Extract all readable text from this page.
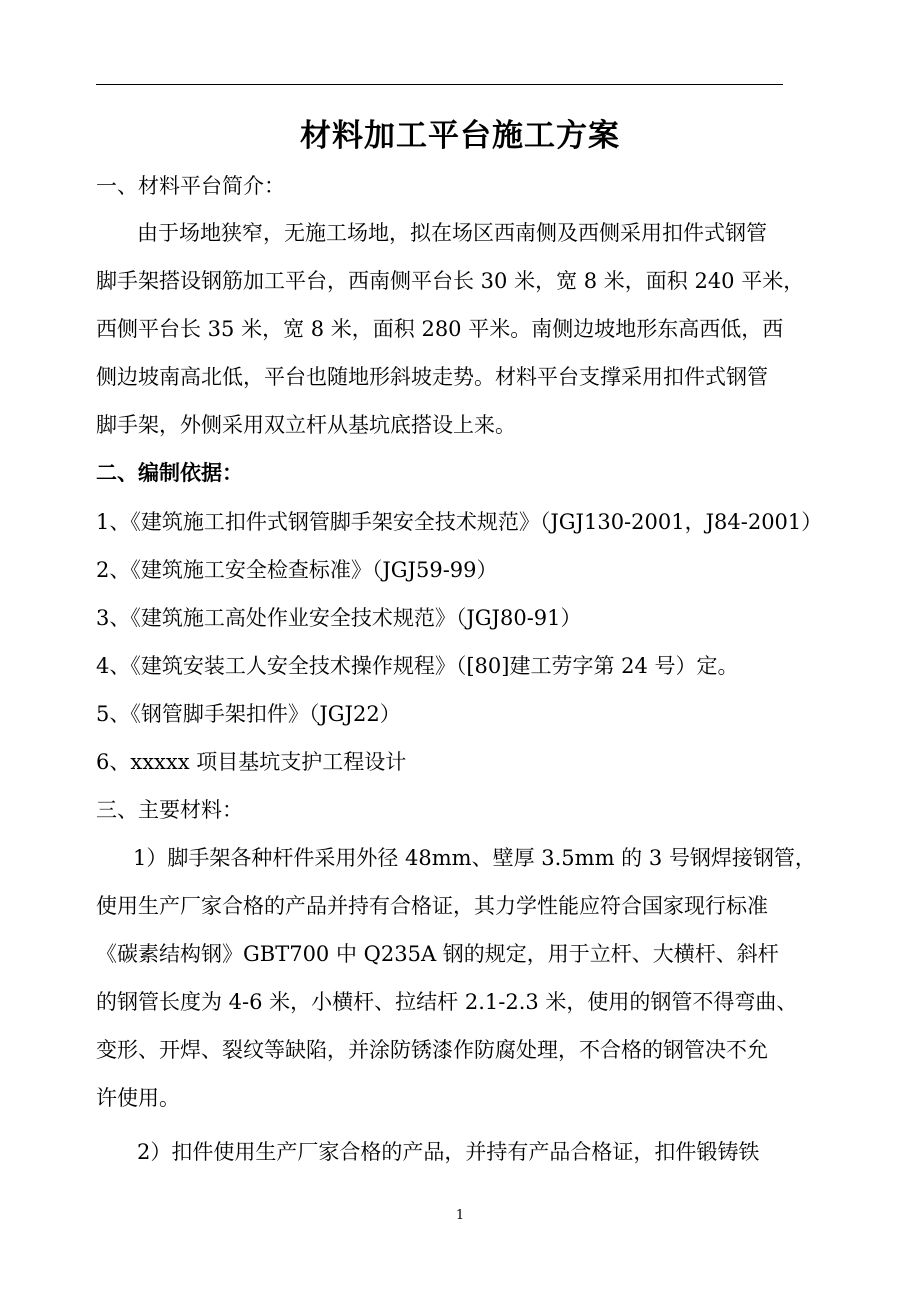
材料加工平台施工方案
一、材料平台简介：
由于场地狭窄，无施工场地，拟在场区西南侧及西侧采用扣件式钢管
脚手架搭设钢筋加工平台，西南侧平台长 30 米，宽 8 米，面积 240 平米，
西侧平台长 35 米，宽 8 米，面积 280 平米。南侧边坡地形东高西低，西
侧边坡南高北低，平台也随地形斜坡走势。材料平台支撑采用扣件式钢管
脚手架，外侧采用双立杆从基坑底搭设上来。
二、编制依据：
1、《建筑施工扣件式钢管脚手架安全技术规范》（JGJ130-2001，J84-2001）
2、《建筑施工安全检查标准》（JGJ59-99）
3、《建筑施工高处作业安全技术规范》（JGJ80-91）
4、《建筑安装工人安全技术操作规程》（[80]建工劳字第 24 号）定。
5、《钢管脚手架扣件》（JGJ22）
6、xxxxx 项目基坑支护工程设计
三、主要材料：
1）脚手架各种杆件采用外径 48mm、壁厚 3.5mm 的 3 号钢焊接钢管，
使用生产厂家合格的产品并持有合格证，其力学性能应符合国家现行标准
《碳素结构钢》GBT700 中 Q235A 钢的规定，用于立杆、大横杆、斜杆
的钢管长度为 4-6 米，小横杆、拉结杆 2.1-2.3 米，使用的钢管不得弯曲、
变形、开焊、裂纹等缺陷，并涂防锈漆作防腐处理，不合格的钢管决不允
许使用。
2）扣件使用生产厂家合格的产品，并持有产品合格证，扣件锻铸铁
1
